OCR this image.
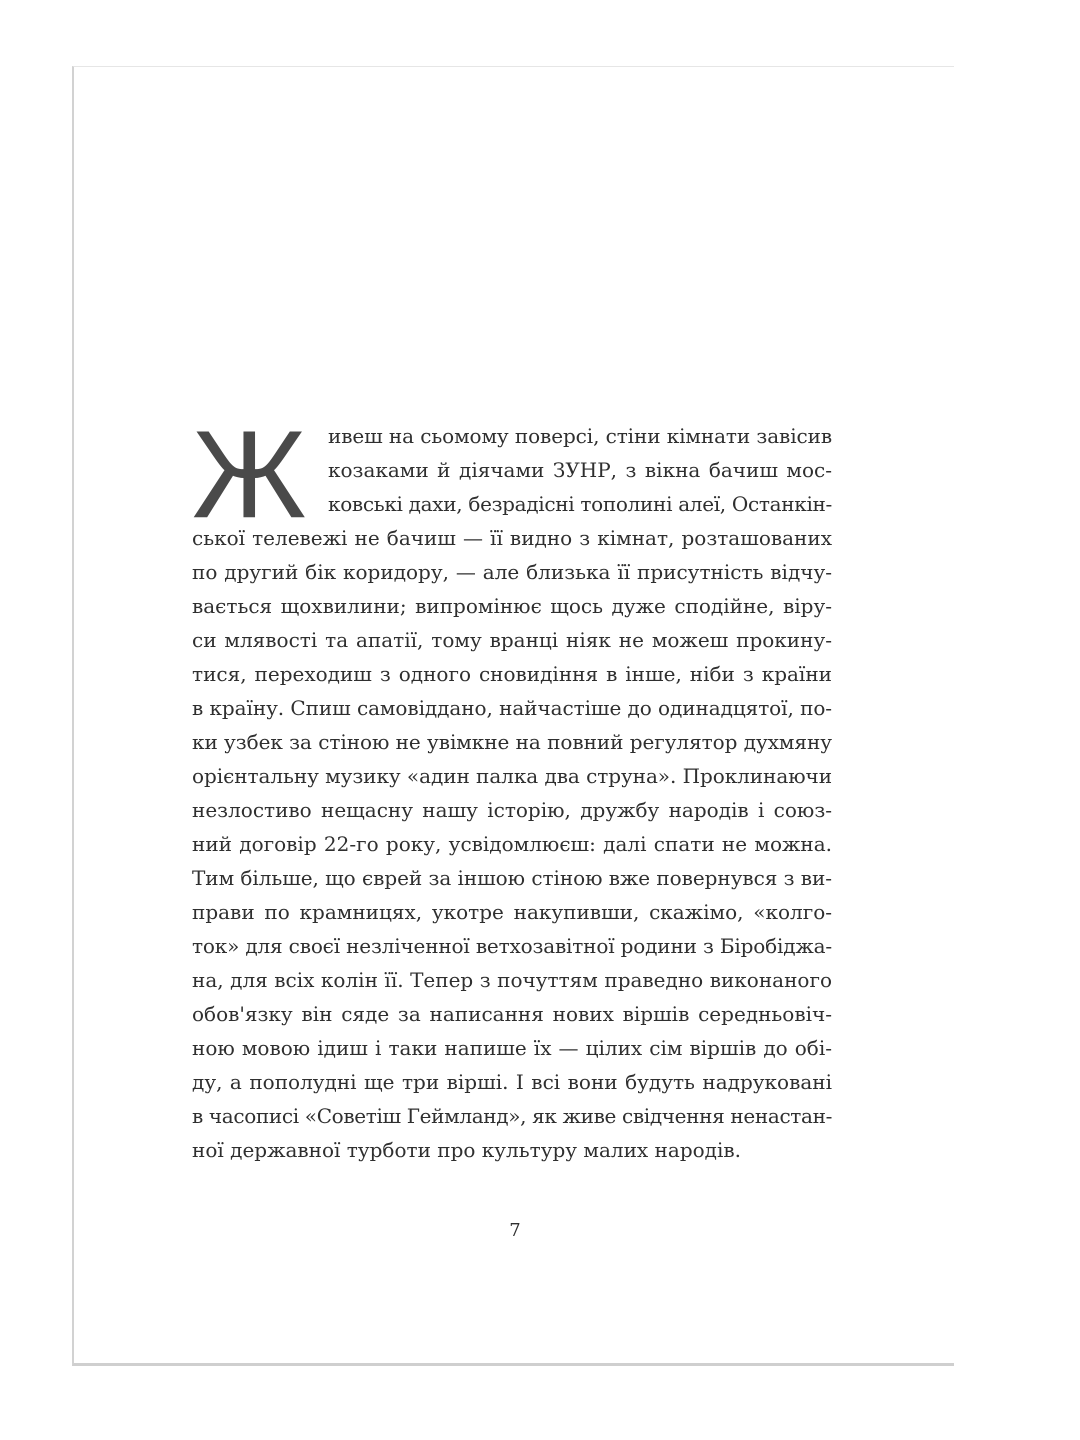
Ж	ивеш на сьомому поверсі, стіни кімнати завісив
козаками й діячами ЗУНР, з вікна бачиш мос-
ковські дахи, безрадісні тополині алеї, Останкін-
ської телевежі не бачиш — її видно з кімнат, розташованих
по другий бік коридору, — але близька її присутність відчу-
вається щохвилини; випромінює щось дуже сподійне, віру-
си млявості та апатії, тому вранці ніяк не можеш прокину-
тися, переходиш з одного сновидіння в інше, ніби з країни
в країну. Спиш самовіддано, найчастіше до одинадцятої, по-
ки узбек за стіною не увімкне на повний регулятор духмяну
орієнтальну музику «адин палка два струна». Проклинаючи
незлостиво нещасну нашу історію, дружбу народів і союз-
ний договір 22-го року, усвідомлюєш: далі спати не можна.
Тим більше, що єврей за іншою стіною вже повернувся з ви-
прави по крамницях, укотре накупивши, скажімо, «колго-
ток» для своєї незліченної ветхозавітної родини з Біробіджа-
на, для всіх колін її. Тепер з почуттям праведно виконаного
обов'язку він сяде за написання нових віршів середньовіч-
ною мовою ідиш і таки напише їх — цілих сім віршів до обі-
ду, а пополудні ще три вірші. І всі вони будуть надруковані
в часописі «Советіш Геймланд», як живе свідчення ненастан-
ної державної турботи про культуру малих народів.
7
